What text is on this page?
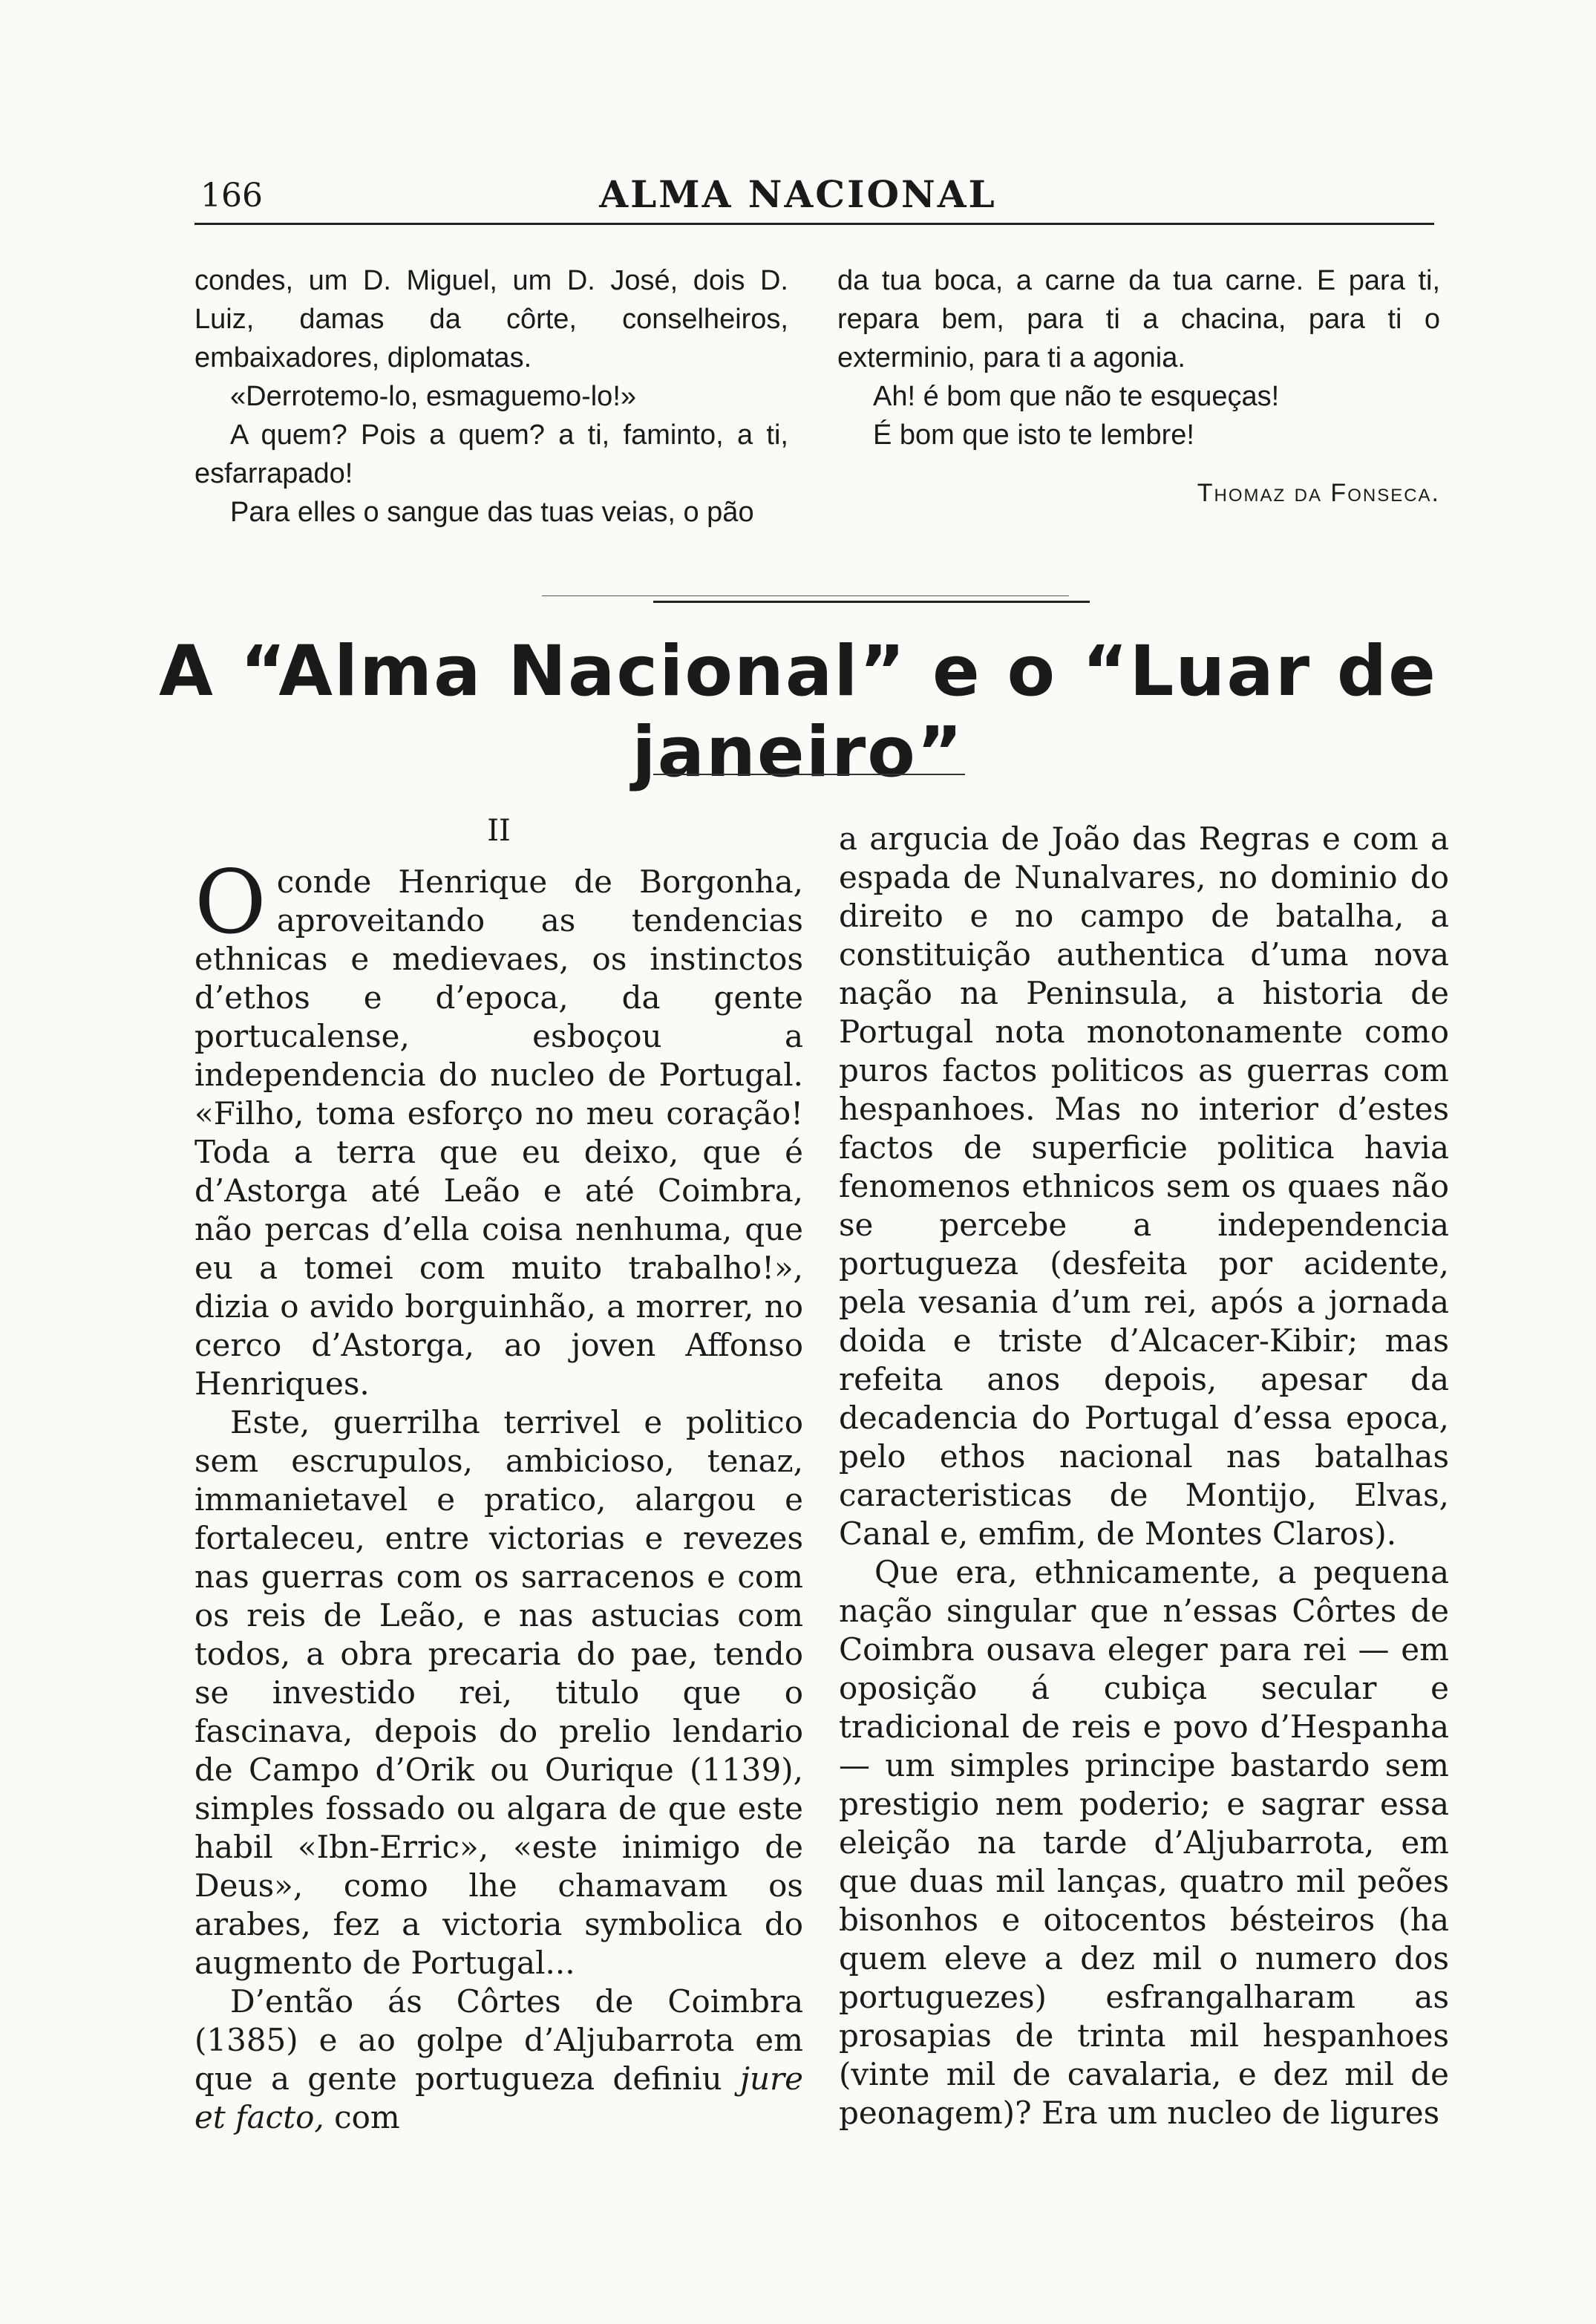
166	ALMA NACIONAL

condes, um D. Miguel, um D. José, dois D. Luiz, damas da côrte, conselheiros, embaixadores, diplomatas.

«Derrotemo-lo, esmaguemo-lo!»

A quem? Pois a quem? a ti, faminto, a ti, esfarrapado!

Para elles o sangue das tuas veias, o pão

da tua boca, a carne da tua carne. E para ti, repara bem, para ti a chacina, para ti o exterminio, para ti a agonia.

Ah! é bom que não te esqueças!

É bom que isto te lembre!

Thomaz da Fonseca.

A “Alma Nacional” e o “Luar de janeiro”
II

Oconde Henrique de Borgonha, aproveitando as tendencias ethnicas e medievaes, os instinctos d’ethos e d’epoca, da gente portucalense, esboçou a independencia do nucleo de Portugal. «Filho, toma esforço no meu coração! Toda a terra que eu deixo, que é d’Astorga até Leão e até Coimbra, não percas d’ella coisa nenhuma, que eu a tomei com muito trabalho!», dizia o avido borguinhão, a morrer, no cerco d’Astorga, ao joven Affonso Henriques.

Este, guerrilha terrivel e politico sem escrupulos, ambicioso, tenaz, immanietavel e pratico, alargou e fortaleceu, entre victorias e revezes nas guerras com os sarracenos e com os reis de Leão, e nas astucias com todos, a obra precaria do pae, tendo se investido rei, titulo que o fascinava, depois do prelio lendario de Campo d’Orik ou Ourique (1139), simples fossado ou algara de que este habil «Ibn-Erric», «este inimigo de Deus», como lhe chamavam os arabes, fez a victoria symbolica do augmento de Portugal...

D’então ás Côrtes de Coimbra (1385) e ao golpe d’Aljubarrota em que a gente portugueza definiu jure et facto, com

a argucia de João das Regras e com a espada de Nunalvares, no dominio do direito e no campo de batalha, a constituição authentica d’uma nova nação na Peninsula, a historia de Portugal nota monotonamente como puros factos politicos as guerras com hespanhoes. Mas no interior d’estes factos de superficie politica havia fenomenos ethnicos sem os quaes não se percebe a independencia portugueza (desfeita por acidente, pela vesania d’um rei, após a jornada doida e triste d’Alcacer-Kibir; mas refeita anos depois, apesar da decadencia do Portugal d’essa epoca, pelo ethos nacional nas batalhas caracteristicas de Montijo, Elvas, Canal e, emfim, de Montes Claros).

Que era, ethnicamente, a pequena nação singular que n’essas Côrtes de Coimbra ousava eleger para rei — em oposição á cubiça secular e tradicional de reis e povo d’Hespanha — um simples principe bastardo sem prestigio nem poderio; e sagrar essa eleição na tarde d’Aljubarrota, em que duas mil lanças, quatro mil peões bisonhos e oitocentos bésteiros (ha quem eleve a dez mil o numero dos portuguezes) esfrangalharam as prosapias de trinta mil hespanhoes (vinte mil de cavalaria, e dez mil de peonagem)? Era um nucleo de ligures
